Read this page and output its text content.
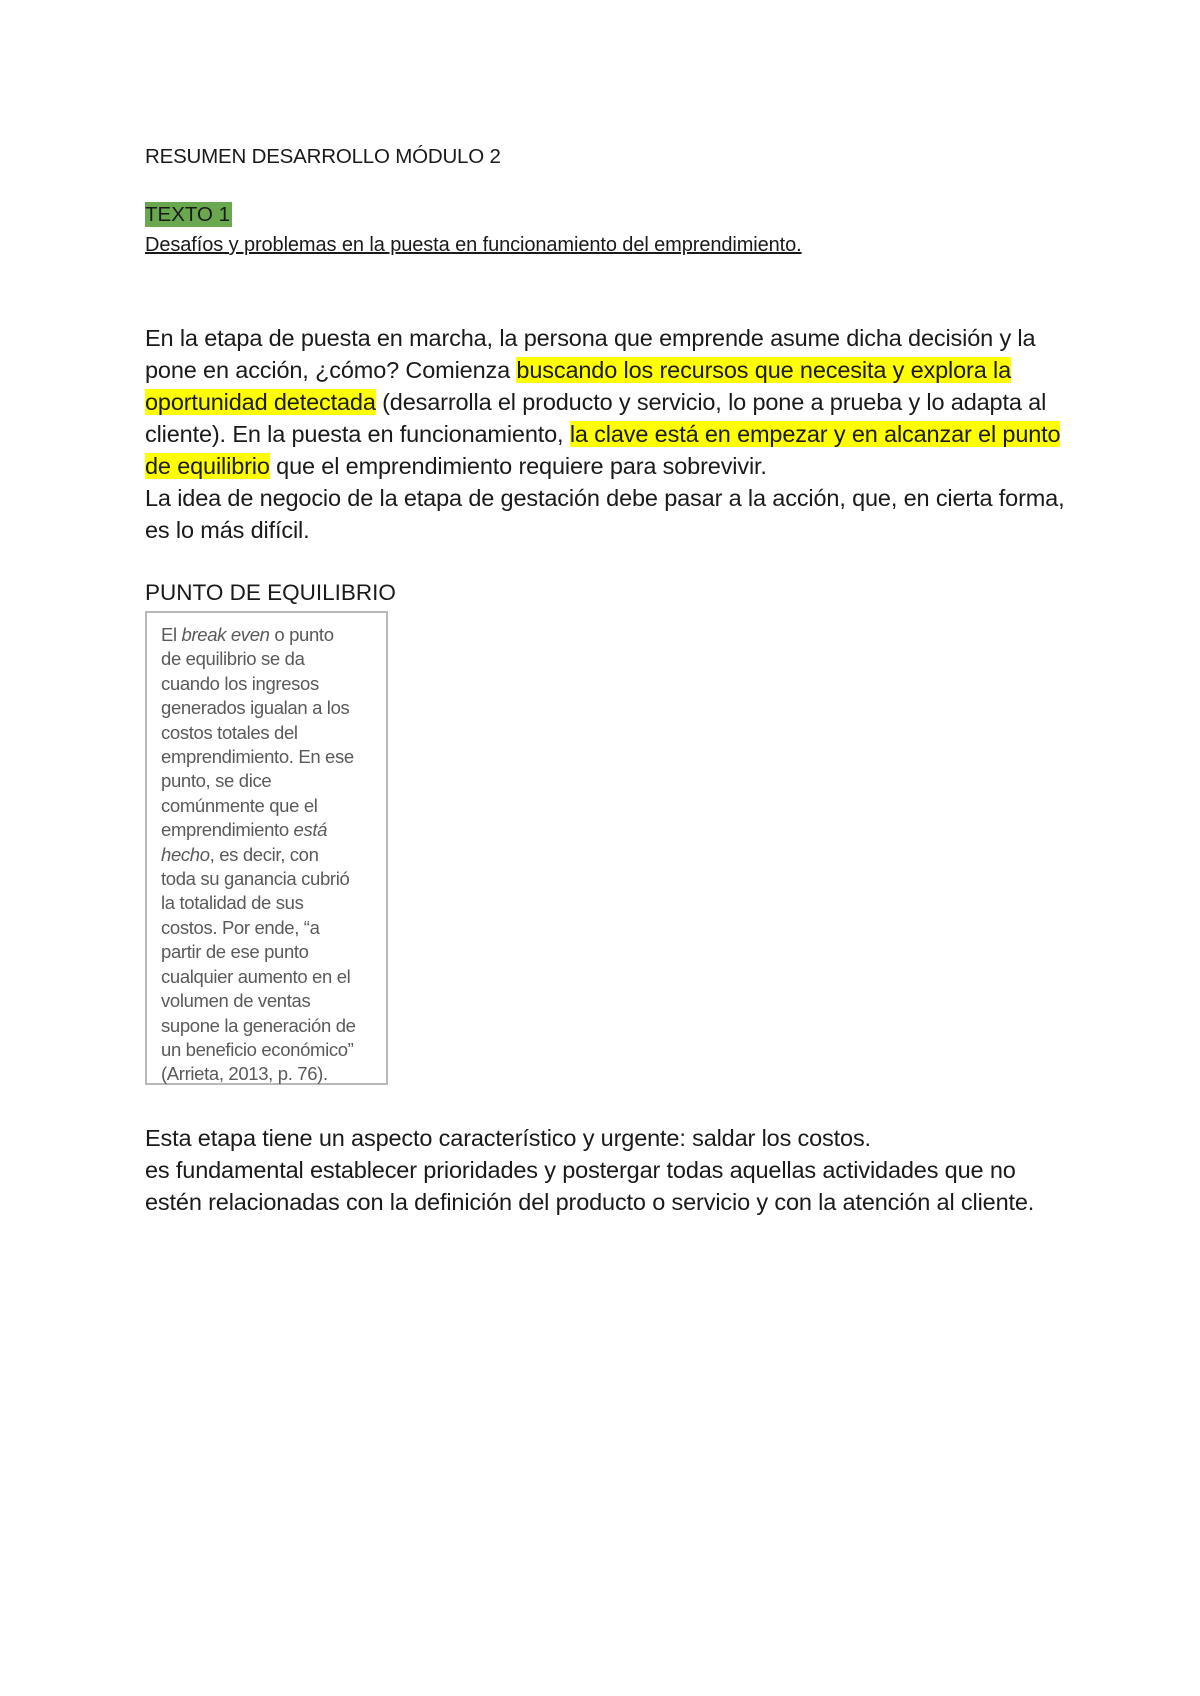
RESUMEN DESARROLLO MÓDULO 2
TEXTO 1
Desafíos y problemas en la puesta en funcionamiento del emprendimiento.

En la etapa de puesta en marcha, la persona que emprende asume dicha decisión y la pone en acción, ¿cómo? Comienza buscando los recursos que necesita y explora la oportunidad detectada (desarrolla el producto y servicio, lo pone a prueba y lo adapta al cliente). En la puesta en funcionamiento, la clave está en empezar y en alcanzar el punto de equilibrio que el emprendimiento requiere para sobrevivir.
La idea de negocio de la etapa de gestación debe pasar a la acción, que, en cierta forma, es lo más difícil.

PUNTO DE EQUILIBRIO

El break even o punto
de equilibrio se da
cuando los ingresos
generados igualan a los
costos totales del
emprendimiento. En ese
punto, se dice
comúnmente que el
emprendimiento está
hecho, es decir, con
toda su ganancia cubrió
la totalidad de sus
costos. Por ende, “a
partir de ese punto
cualquier aumento en el
volumen de ventas
supone la generación de
un beneficio económico”
(Arrieta, 2013, p. 76).

Esta etapa tiene un aspecto característico y urgente: saldar los costos.
es fundamental establecer prioridades y postergar todas aquellas actividades que no estén relacionadas con la definición del producto o servicio y con la atención al cliente.
